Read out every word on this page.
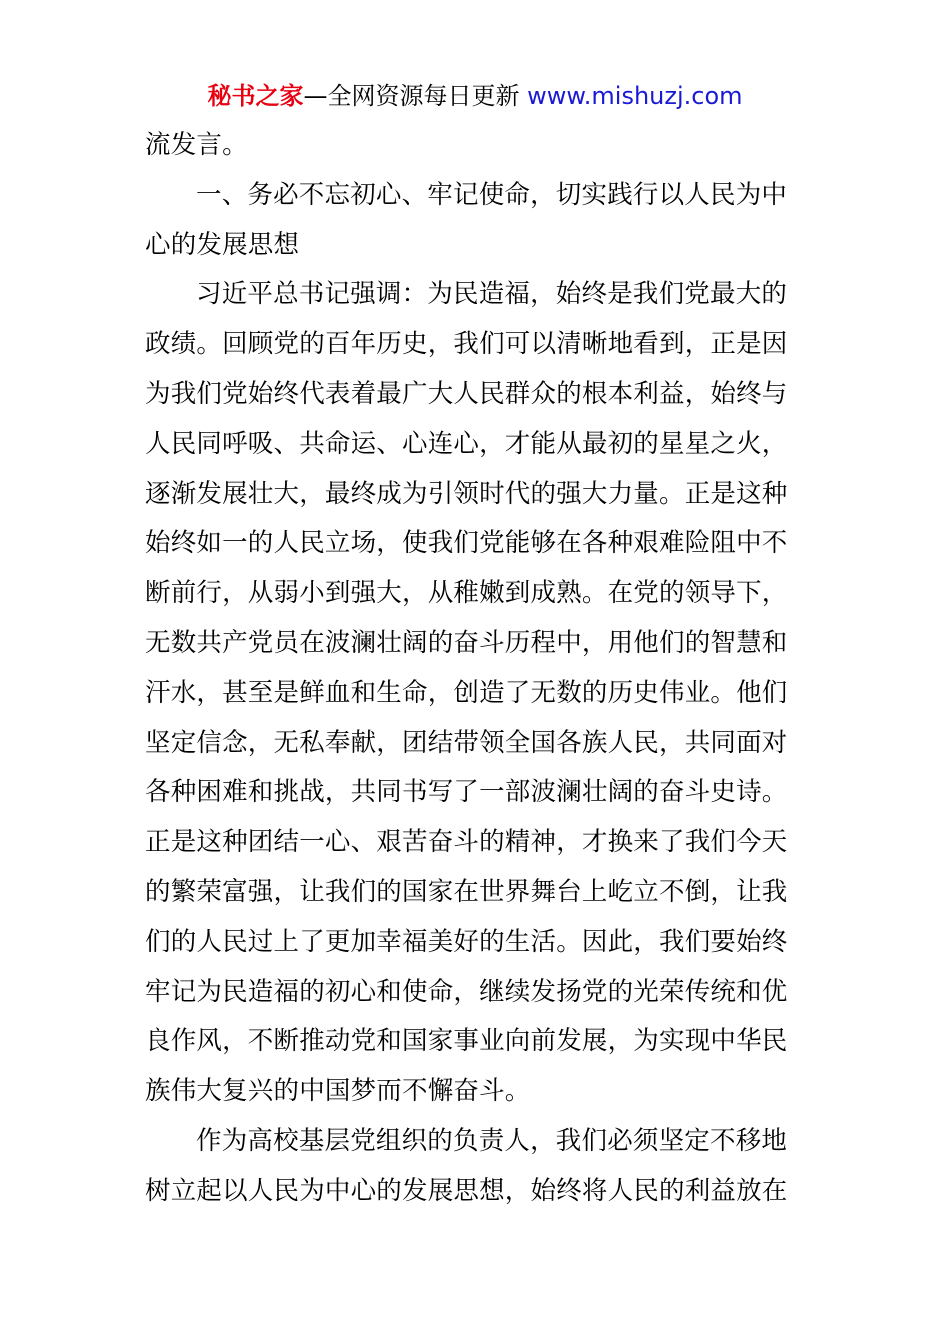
秘书之家—全网资源每日更新 www.mishuzj.com
流发言。
一、务必不忘初心、牢记使命，切实践行以人民为中
心的发展思想
习近平总书记强调：为民造福，始终是我们党最大的
政绩。回顾党的百年历史，我们可以清晰地看到，正是因
为我们党始终代表着最广大人民群众的根本利益，始终与
人民同呼吸、共命运、心连心，才能从最初的星星之火，
逐渐发展壮大，最终成为引领时代的强大力量。正是这种
始终如一的人民立场，使我们党能够在各种艰难险阻中不
断前行，从弱小到强大，从稚嫩到成熟。在党的领导下，
无数共产党员在波澜壮阔的奋斗历程中，用他们的智慧和
汗水，甚至是鲜血和生命，创造了无数的历史伟业。他们
坚定信念，无私奉献，团结带领全国各族人民，共同面对
各种困难和挑战，共同书写了一部波澜壮阔的奋斗史诗。
正是这种团结一心、艰苦奋斗的精神，才换来了我们今天
的繁荣富强，让我们的国家在世界舞台上屹立不倒，让我
们的人民过上了更加幸福美好的生活。因此，我们要始终
牢记为民造福的初心和使命，继续发扬党的光荣传统和优
良作风，不断推动党和国家事业向前发展，为实现中华民
族伟大复兴的中国梦而不懈奋斗。
作为高校基层党组织的负责人，我们必须坚定不移地
树立起以人民为中心的发展思想，始终将人民的利益放在
